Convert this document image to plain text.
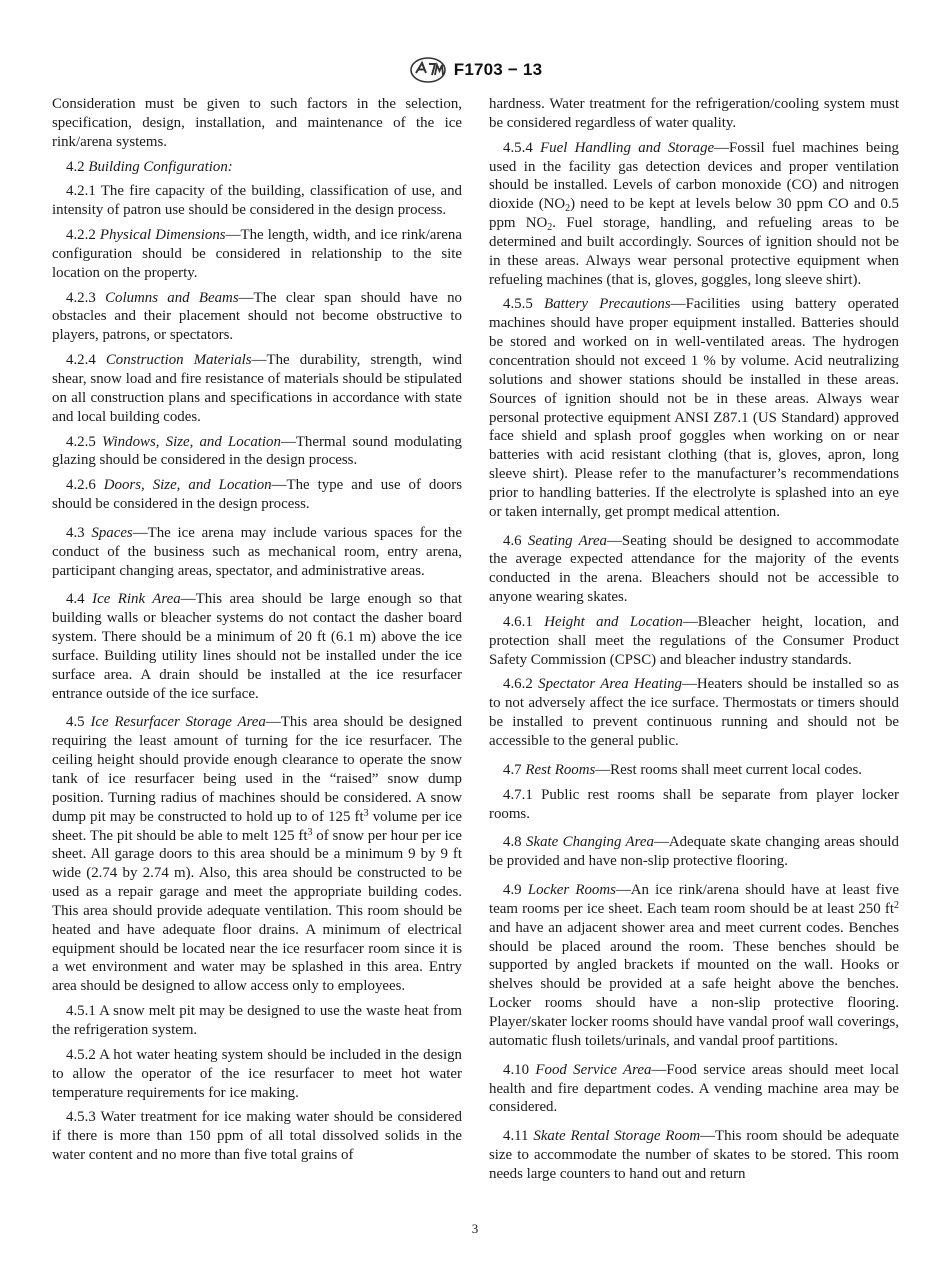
F1703 − 13

Consideration must be given to such factors in the selection, specification, design, installation, and maintenance of the ice rink/arena systems.

4.2 Building Configuration:

4.2.1 The fire capacity of the building, classification of use, and intensity of patron use should be considered in the design process.

4.2.2 Physical Dimensions—The length, width, and ice rink/arena configuration should be considered in relationship to the site location on the property.

4.2.3 Columns and Beams—The clear span should have no obstacles and their placement should not become obstructive to players, patrons, or spectators.

4.2.4 Construction Materials—The durability, strength, wind shear, snow load and fire resistance of materials should be stipulated on all construction plans and specifications in accordance with state and local building codes.

4.2.5 Windows, Size, and Location—Thermal sound modulating glazing should be considered in the design process.

4.2.6 Doors, Size, and Location—The type and use of doors should be considered in the design process.

4.3 Spaces—The ice arena may include various spaces for the conduct of the business such as mechanical room, entry arena, participant changing areas, spectator, and administrative areas.

4.4 Ice Rink Area—This area should be large enough so that building walls or bleacher systems do not contact the dasher board system. There should be a minimum of 20 ft (6.1 m) above the ice surface. Building utility lines should not be installed under the ice surface area. A drain should be installed at the ice resurfacer entrance outside of the ice surface.

4.5 Ice Resurfacer Storage Area—This area should be designed requiring the least amount of turning for the ice resurfacer. The ceiling height should provide enough clearance to operate the snow tank of ice resurfacer being used in the “raised” snow dump position. Turning radius of machines should be considered. A snow dump pit may be constructed to hold up to of 125 $ft^3$ volume per ice sheet. The pit should be able to melt 125 $ft^3$ of snow per hour per ice sheet. All garage doors to this area should be a minimum 9 by 9 ft wide (2.74 by 2.74 m). Also, this area should be constructed to be used as a repair garage and meet the appropriate building codes. This area should provide adequate ventilation. This room should be heated and have adequate floor drains. A minimum of electrical equipment should be located near the ice resurfacer room since it is a wet environment and water may be splashed in this area. Entry area should be designed to allow access only to employees.

4.5.1 A snow melt pit may be designed to use the waste heat from the refrigeration system.

4.5.2 A hot water heating system should be included in the design to allow the operator of the ice resurfacer to meet hot water temperature requirements for ice making.

4.5.3 Water treatment for ice making water should be considered if there is more than 150 ppm of all total dissolved solids in the water content and no more than five total grains of

hardness. Water treatment for the refrigeration/cooling system must be considered regardless of water quality.

4.5.4 Fuel Handling and Storage—Fossil fuel machines being used in the facility gas detection devices and proper ventilation should be installed. Levels of carbon monoxide (CO) and nitrogen dioxide $(NO_2)$ need to be kept at levels below 30 ppm CO and 0.5 ppm $NO_2$. Fuel storage, handling, and refueling areas to be determined and built accordingly. Sources of ignition should not be in these areas. Always wear personal protective equipment when refueling machines (that is, gloves, goggles, long sleeve shirt).

4.5.5 Battery Precautions—Facilities using battery operated machines should have proper equipment installed. Batteries should be stored and worked on in well-ventilated areas. The hydrogen concentration should not exceed 1 % by volume. Acid neutralizing solutions and shower stations should be installed in these areas. Sources of ignition should not be in these areas. Always wear personal protective equipment ANSI Z87.1 (US Standard) approved face shield and splash proof goggles when working on or near batteries with acid resistant clothing (that is, gloves, apron, long sleeve shirt). Please refer to the manufacturer’s recommendations prior to handling batteries. If the electrolyte is splashed into an eye or taken internally, get prompt medical attention.

4.6 Seating Area—Seating should be designed to accommodate the average expected attendance for the majority of the events conducted in the arena. Bleachers should not be accessible to anyone wearing skates.

4.6.1 Height and Location—Bleacher height, location, and protection shall meet the regulations of the Consumer Product Safety Commission (CPSC) and bleacher industry standards.

4.6.2 Spectator Area Heating—Heaters should be installed so as to not adversely affect the ice surface. Thermostats or timers should be installed to prevent continuous running and should not be accessible to the general public.

4.7 Rest Rooms—Rest rooms shall meet current local codes.

4.7.1 Public rest rooms shall be separate from player locker rooms.

4.8 Skate Changing Area—Adequate skate changing areas should be provided and have non-slip protective flooring.

4.9 Locker Rooms—An ice rink/arena should have at least five team rooms per ice sheet. Each team room should be at least 250 $ft^2$ and have an adjacent shower area and meet current codes. Benches should be placed around the room. These benches should be supported by angled brackets if mounted on the wall. Hooks or shelves should be provided at a safe height above the benches. Locker rooms should have a non-slip protective flooring. Player/skater locker rooms should have vandal proof wall coverings, automatic flush toilets/urinals, and vandal proof partitions.

4.10 Food Service Area—Food service areas should meet local health and fire department codes. A vending machine area may be considered.

4.11 Skate Rental Storage Room—This room should be adequate size to accommodate the number of skates to be stored. This room needs large counters to hand out and return

3
